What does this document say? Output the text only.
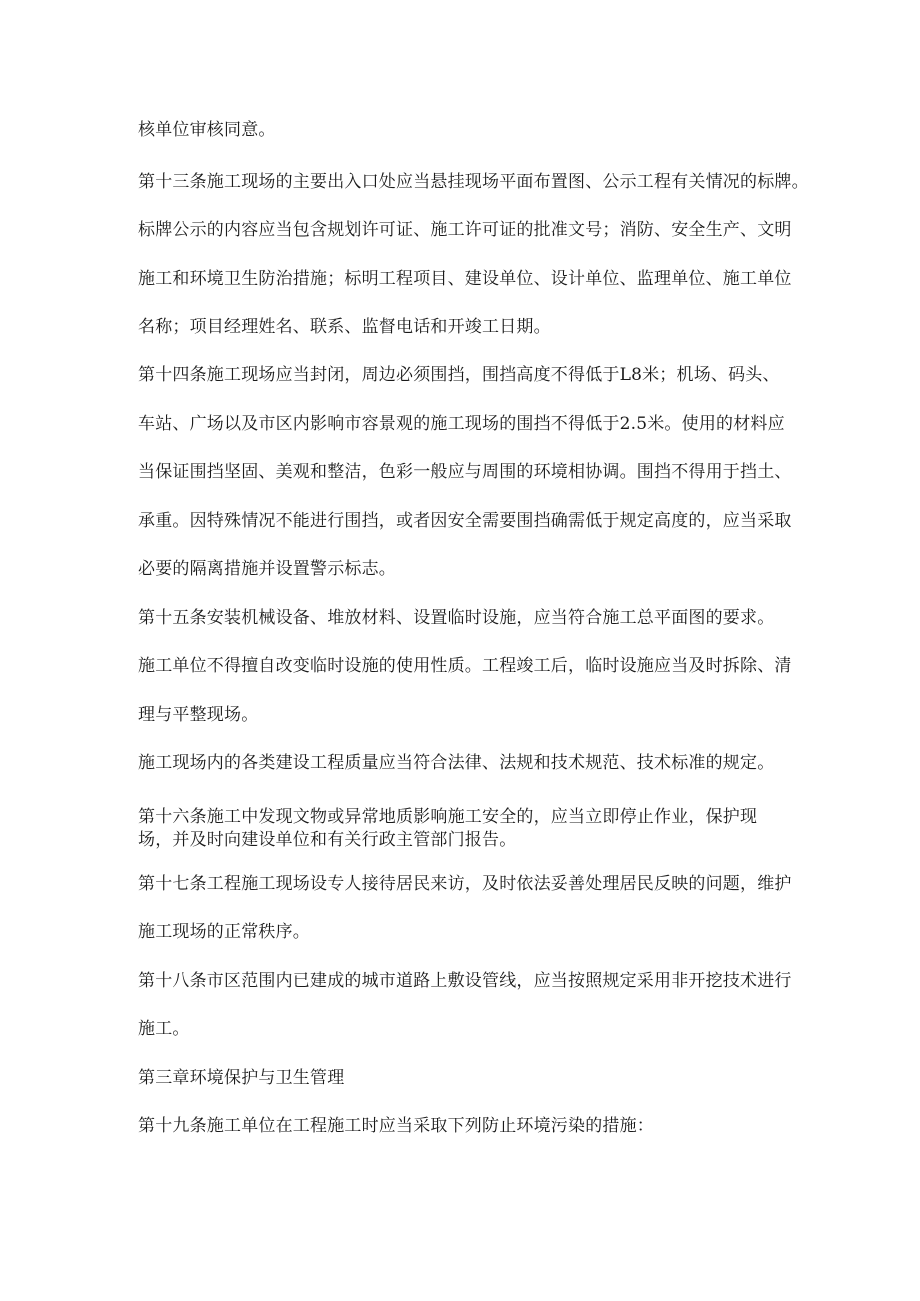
核单位审核同意。
第十三条施工现场的主要出入口处应当悬挂现场平面布置图、公示工程有关情况的标牌。
标牌公示的内容应当包含规划许可证、施工许可证的批准文号；消防、安全生产、文明
施工和环境卫生防治措施；标明工程项目、建设单位、设计单位、监理单位、施工单位
名称；项目经理姓名、联系、监督电话和开竣工日期。
第十四条施工现场应当封闭，周边必须围挡，围挡高度不得低于L8米；机场、码头、
车站、广场以及市区内影响市容景观的施工现场的围挡不得低于2.5米。使用的材料应
当保证围挡坚固、美观和整洁，色彩一般应与周围的环境相协调。围挡不得用于挡土、
承重。因特殊情况不能进行围挡，或者因安全需要围挡确需低于规定高度的，应当采取
必要的隔离措施并设置警示标志。
第十五条安装机械设备、堆放材料、设置临时设施，应当符合施工总平面图的要求。
施工单位不得擅自改变临时设施的使用性质。工程竣工后，临时设施应当及时拆除、清
理与平整现场。
施工现场内的各类建设工程质量应当符合法律、法规和技术规范、技术标准的规定。
第十六条施工中发现文物或异常地质影响施工安全的，应当立即停止作业，保护现
场，并及时向建设单位和有关行政主管部门报告。
第十七条工程施工现场设专人接待居民来访，及时依法妥善处理居民反映的问题，维护
施工现场的正常秩序。
第十八条市区范围内已建成的城市道路上敷设管线，应当按照规定采用非开挖技术进行
施工。
第三章环境保护与卫生管理
第十九条施工单位在工程施工时应当采取下列防止环境污染的措施：
